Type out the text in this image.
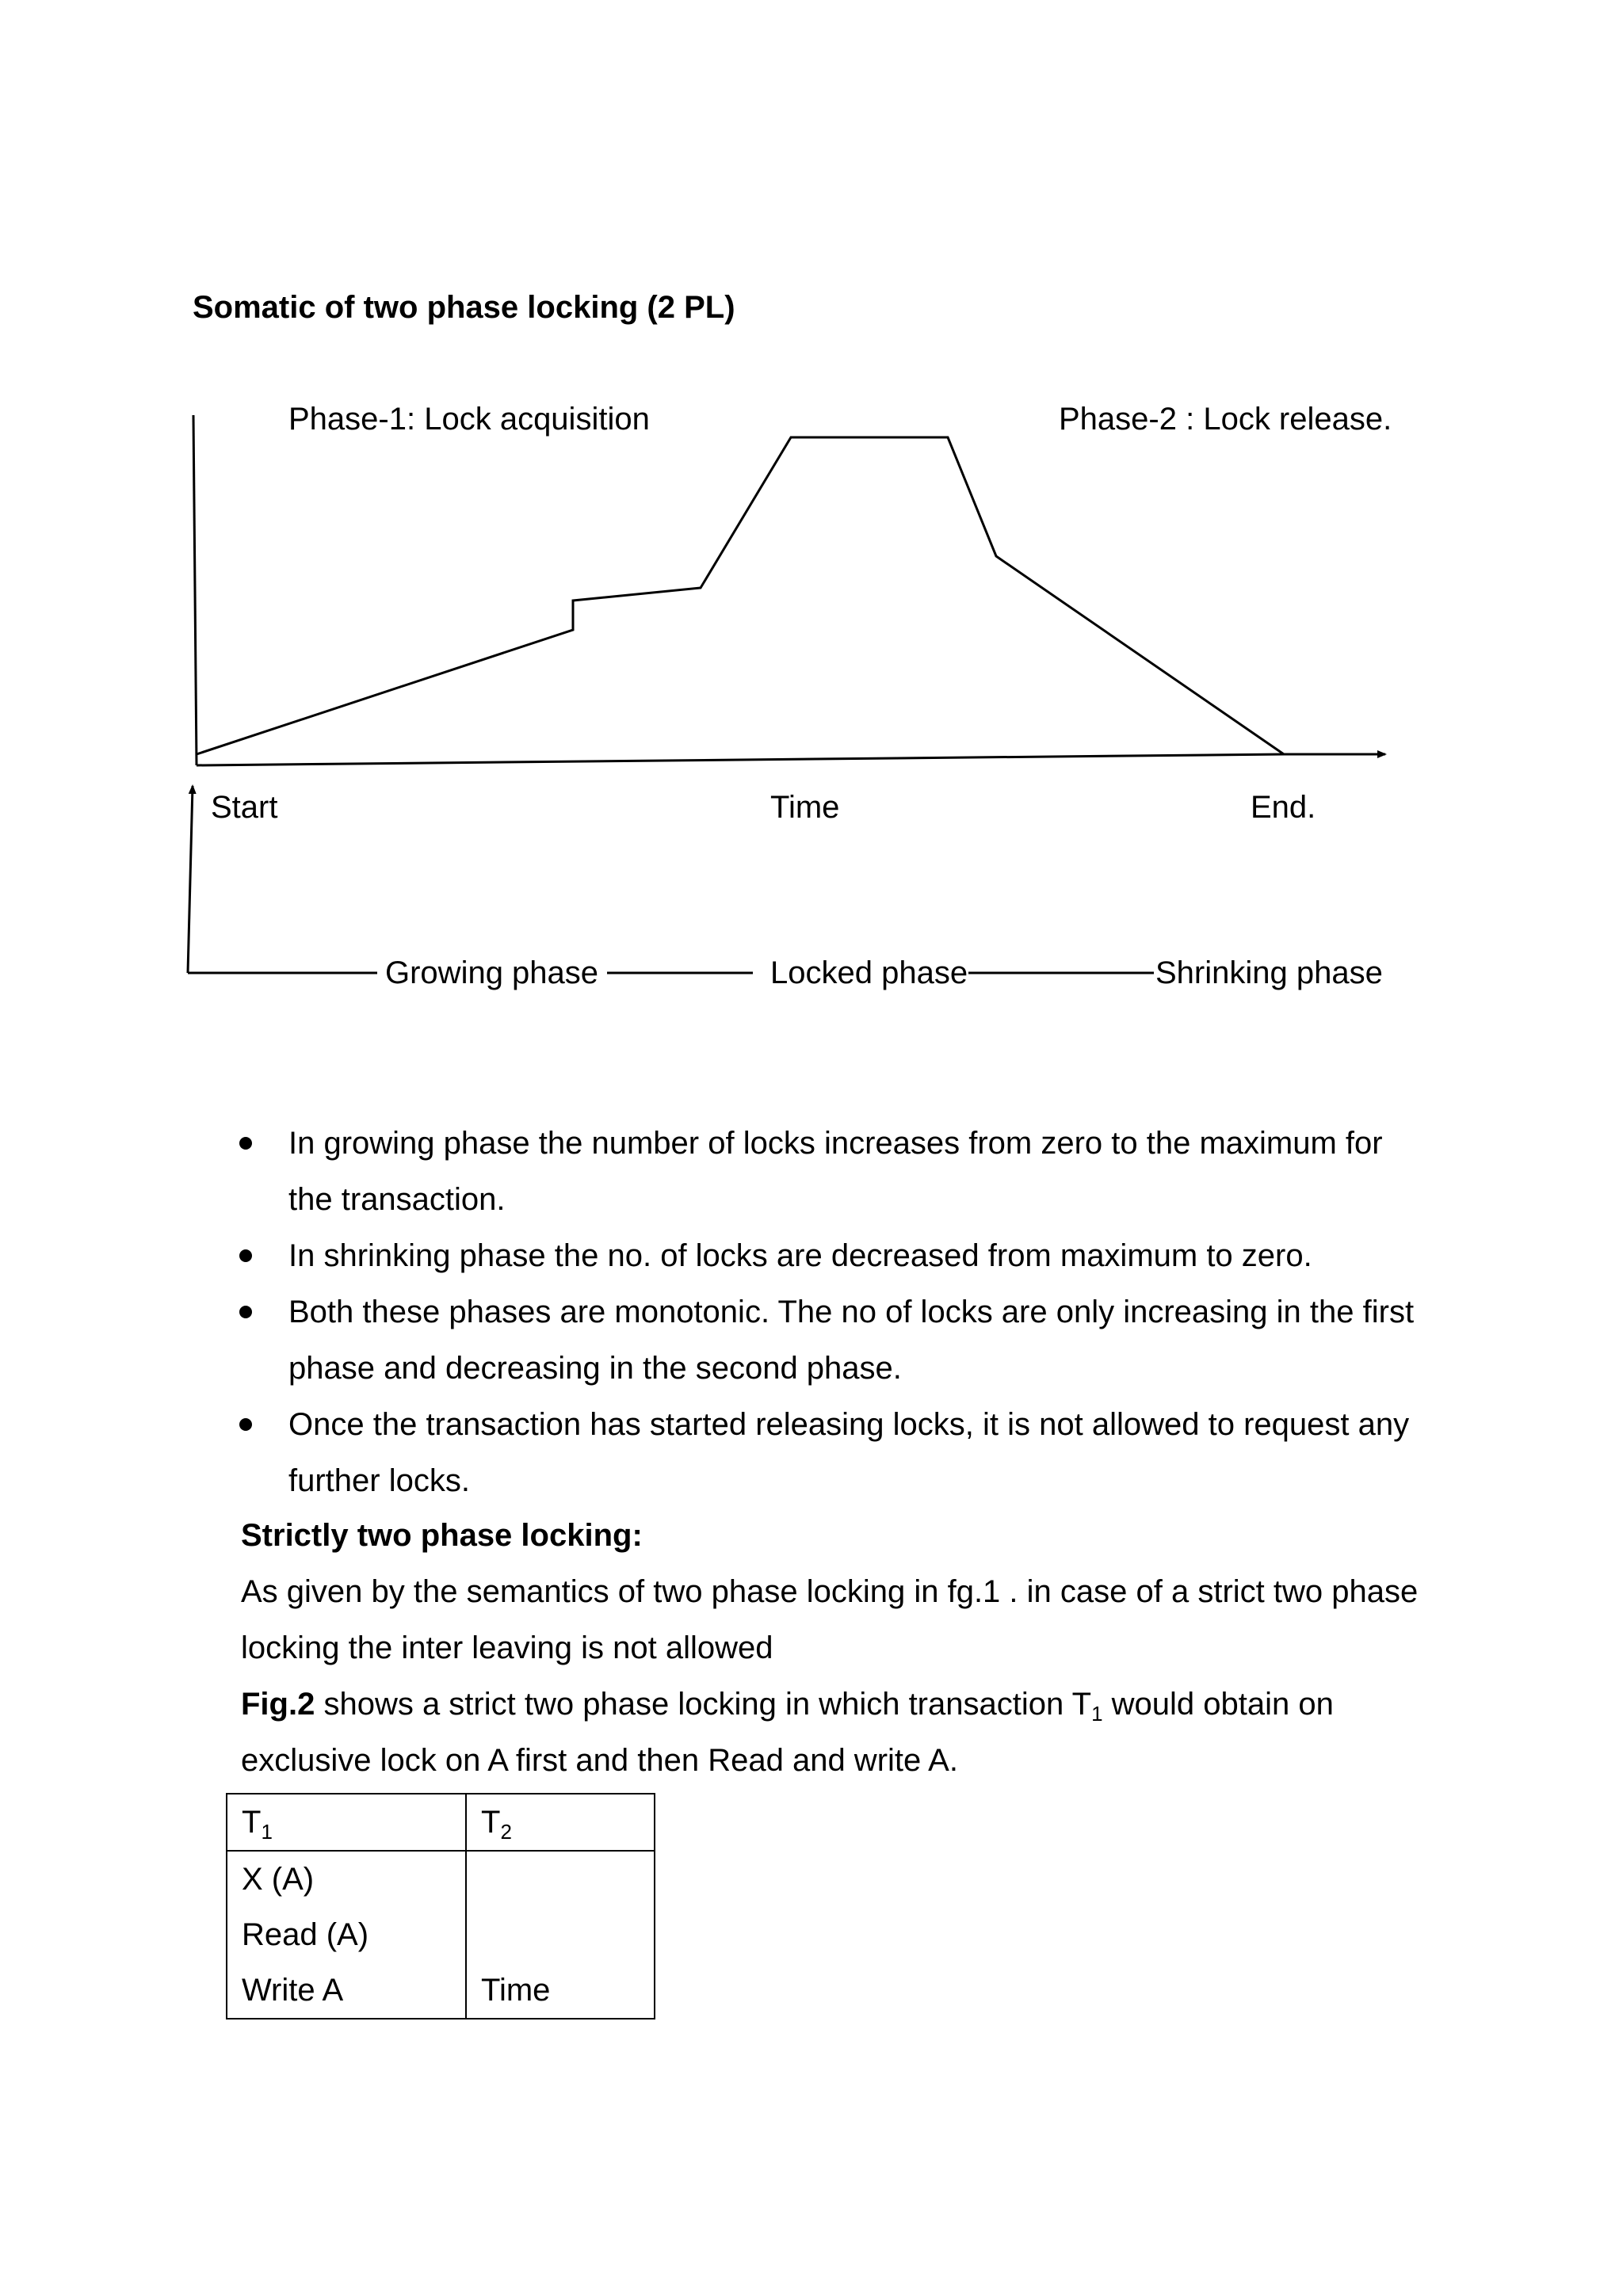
Somatic of two phase locking (2 PL)
Phase-1: Lock acquisition	Phase-2 : Lock release.
Start	Time	End.
Growing phase	Locked phase	Shrinking phase
In growing phase the number of locks increases from zero to the maximum for
the transaction.
In shrinking phase the no. of locks are decreased from maximum to zero.
Both these phases are monotonic. The no of locks are only increasing in the first
phase and decreasing in the second phase.
Once the transaction has started releasing locks, it is not allowed to request any
further locks.
Strictly two phase locking:
As given by the semantics of two phase locking in fg.1 . in case of a strict two phase
locking the inter leaving is not allowed
Fig.2 shows a strict two phase locking in which transaction $T_1$ would obtain on
exclusive lock on A first and then Read and write A.
$T_1$	$T_2$

X (A)
Read (A)
Write A	Time
